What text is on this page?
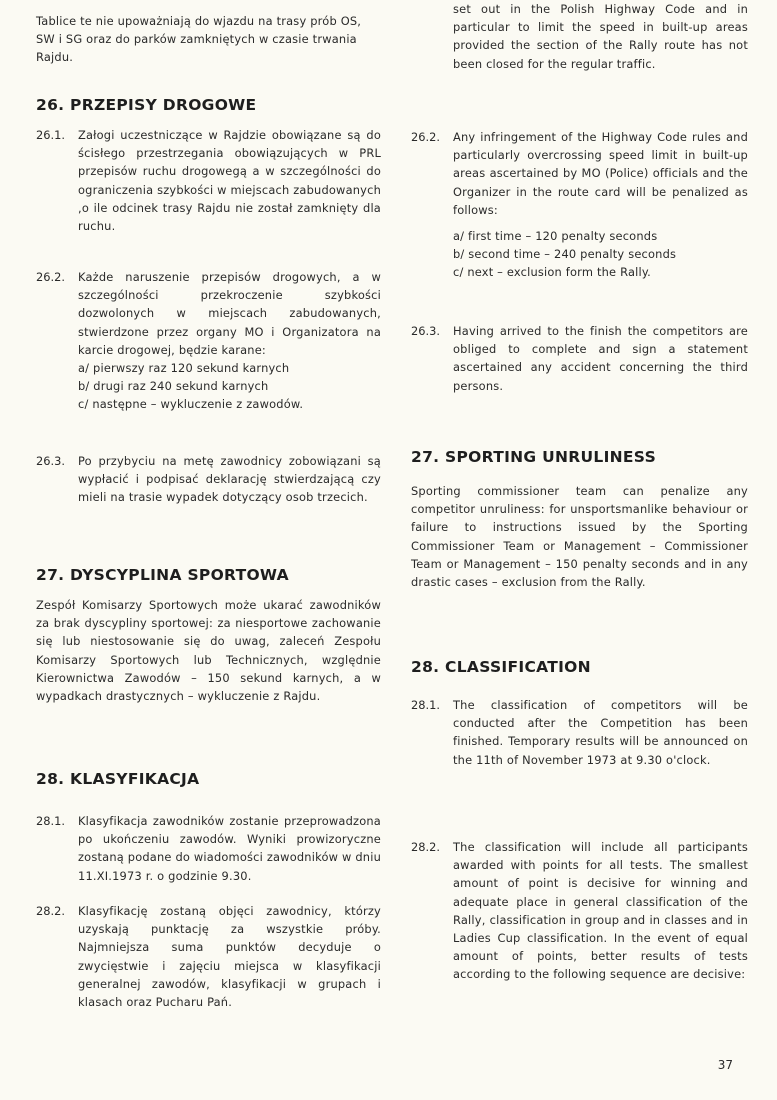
Tablice te nie upoważniają do wjazdu na trasy prób OS, SW i SG oraz do parków zamkniętych w czasie trwania Rajdu.

26. PRZEPISY DROGOWE
26.1.	Załogi uczestniczące w Rajdzie obowiązane są do ścisłego przestrzegania obowiązujących w PRL przepisów ruchu drogowegą a w szczególności do ograniczenia szybkości w miejscach zabudowanych ,o ile odcinek trasy Rajdu nie został zamknięty dla ruchu.

26.2.	Każde naruszenie przepisów drogowych, a w szczególności przekroczenie szybkości dozwolonych w miejscach zabudowanych, stwierdzone przez organy MO i Organizatora na karcie drogowej, będzie karane:

a/ pierwszy raz 120 sekund karnych

b/ drugi raz 240 sekund karnych

c/ następne – wykluczenie z zawodów.

26.3.	Po przybyciu na metę zawodnicy zobowiązani są wypłacić i podpisać deklarację stwierdzającą czy mieli na trasie wypadek dotyczący osob trzecich.

27. DYSCYPLINA SPORTOWA

Zespół Komisarzy Sportowych może ukarać zawodników za brak dyscypliny sportowej: za niesportowe zachowanie się lub niestosowanie się do uwag, zaleceń Zespołu Komisarzy Sportowych lub Technicznych, względnie Kierownictwa Zawodów – 150 sekund karnych, a w wypadkach drastycznych – wykluczenie z Rajdu.

28. KLASYFIKACJA
28.1.	Klasyfikacja zawodników zostanie przeprowadzona po ukończeniu zawodów. Wyniki prowizoryczne zostaną podane do wiadomości zawodników w dniu 11.XI.1973 r. o godzinie 9.30.

28.2.	Klasyfikację zostaną objęci zawodnicy, którzy uzyskają punktację za wszystkie próby. Najmniejsza suma punktów decyduje o zwycięstwie i zajęciu miejsca w klasyfikacji generalnej zawodów, klasyfikacji w grupach i klasach oraz Pucharu Pań.

set out in the Polish Highway Code and in particular to limit the speed in built-up areas provided the section of the Rally route has not been closed for the regular traffic.

26.2.	Any infringement of the Highway Code rules and particularly overcrossing speed limit in built-up areas ascertained by MO (Police) officials and the Organizer in the route card will be penalized as follows:

a/ first time – 120 penalty seconds

b/ second time – 240 penalty seconds

c/ next – exclusion form the Rally.

26.3.	Having arrived to the finish the competitors are obliged to complete and sign a statement ascertained any accident concerning the third persons.

27. SPORTING UNRULINESS

Sporting commissioner team can penalize any competitor unruliness: for unsportsmanlike behaviour or failure to instructions issued by the Sporting Commissioner Team or Management – Commissioner Team or Management – 150 penalty seconds and in any drastic cases – exclusion from the Rally.

28. CLASSIFICATION
28.1.	The classification of competitors will be conducted after the Competition has been finished. Temporary results will be announced on the 11th of November 1973 at 9.30 o'clock.

28.2.	The classification will include all participants awarded with points for all tests. The smallest amount of point is decisive for winning and adequate place in general classification of the Rally, classification in group and in classes and in Ladies Cup classification. In the event of equal amount of points, better results of tests according to the following sequence are decisive:

37
